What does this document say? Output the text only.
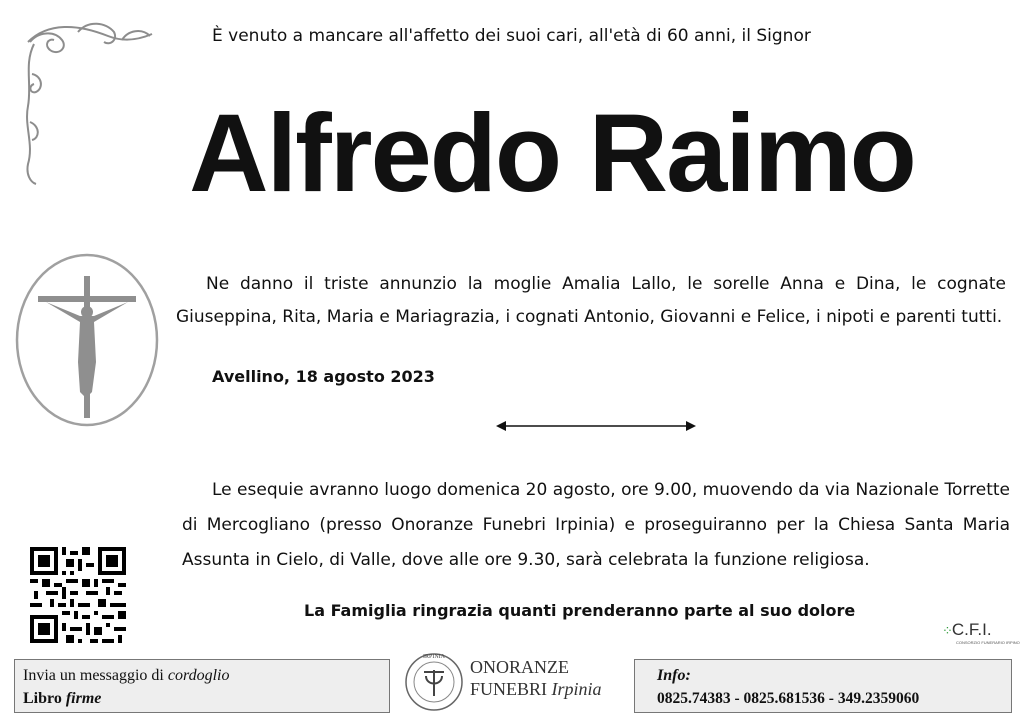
È venuto a mancare all'affetto dei suoi cari, all'età di 60 anni, il Signor
Alfredo Raimo
Ne danno il triste annunzio la moglie Amalia Lallo, le sorelle Anna e Dina, le cognate Giuseppina, Rita, Maria e Mariagrazia, i cognati Antonio, Giovanni e Felice, i nipoti e parenti tutti.
Avellino, 18 agosto 2023
Le esequie avranno luogo domenica 20 agosto, ore 9.00, muovendo da via Nazionale Torrette di Mercogliano (presso Onoranze Funebri Irpinia) e proseguiranno per la Chiesa Santa Maria Assunta in Cielo, di Valle, dove alle ore 9.30, sarà celebrata la funzione religiosa.
La Famiglia ringrazia quanti prenderanno parte al suo dolore
⁘C.F.I.
CONSORZIO FUNERARIO IRPINO
Invia un messaggio di cordoglio
Libro firme
IRPINIA ONORANZE
FUNEBRI Irpinia
Info:
0825.74383 - 0825.681536 - 349.2359060
